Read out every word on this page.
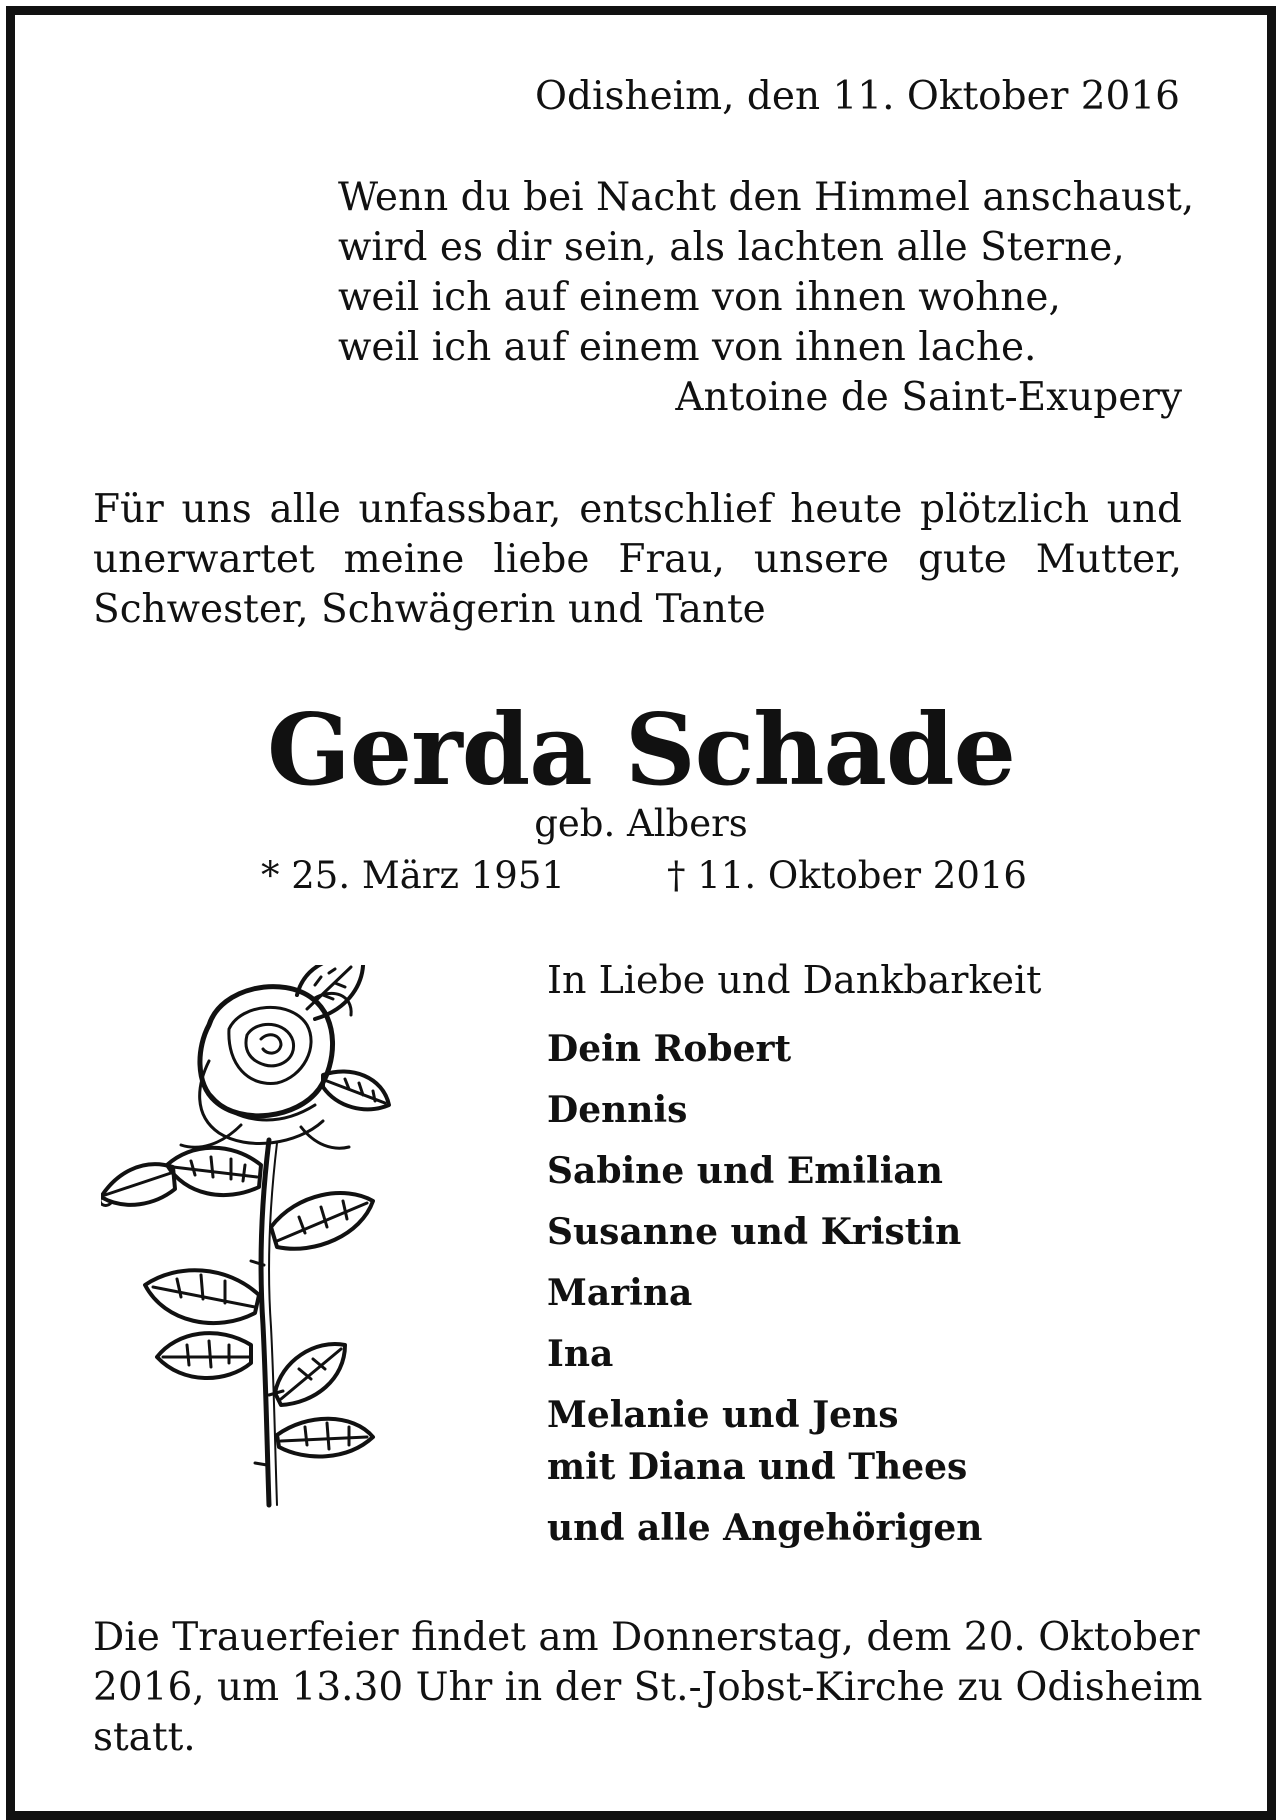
Odisheim, den 11. Oktober 2016
Wenn du bei Nacht den Himmel anschaust,
wird es dir sein, als lachten alle Sterne,
weil ich auf einem von ihnen wohne,
weil ich auf einem von ihnen lache.
Antoine de Saint-Exupery
Für uns alle unfassbar, entschlief heute plötzlich und
unerwartet meine liebe Frau, unsere gute Mutter,
Schwester, Schwägerin und Tante
Gerda Schade
geb. Albers
* 25. März 1951	† 11. Oktober 2016
In Liebe und Dankbarkeit
Dein Robert
Dennis
Sabine und Emilian
Susanne und Kristin
Marina
Ina
Melanie und Jens
mit Diana und Thees
und alle Angehörigen
Die Trauerfeier findet am Donnerstag, dem 20. Oktober
2016, um 13.30 Uhr in der St.-Jobst-Kirche zu Odisheim
statt.
